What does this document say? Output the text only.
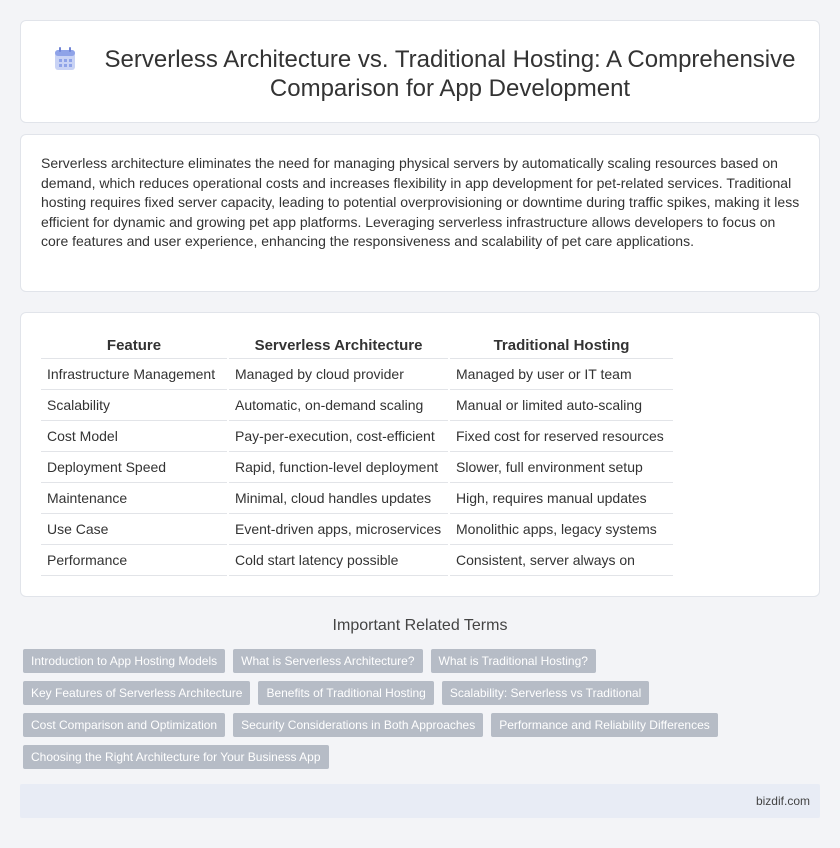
Serverless Architecture vs. Traditional Hosting: A Comprehensive Comparison for App Development

Serverless architecture eliminates the need for managing physical servers by automatically scaling resources based on demand, which reduces operational costs and increases flexibility in app development for pet-related services. Traditional hosting requires fixed server capacity, leading to potential overprovisioning or downtime during traffic spikes, making it less efficient for dynamic and growing pet app platforms. Leveraging serverless infrastructure allows developers to focus on core features and user experience, enhancing the responsiveness and scalability of pet care applications.

Feature	Serverless Architecture	Traditional Hosting
Infrastructure Management	Managed by cloud provider	Managed by user or IT team
Scalability	Automatic, on-demand scaling	Manual or limited auto-scaling
Cost Model	Pay-per-execution, cost-efficient	Fixed cost for reserved resources
Deployment Speed	Rapid, function-level deployment	Slower, full environment setup
Maintenance	Minimal, cloud handles updates	High, requires manual updates
Use Case	Event-driven apps, microservices	Monolithic apps, legacy systems
Performance	Cold start latency possible	Consistent, server always on
Important Related Terms
Introduction to App Hosting Models	What is Serverless Architecture?	What is Traditional Hosting?
Key Features of Serverless Architecture	Benefits of Traditional Hosting	Scalability: Serverless vs Traditional
Cost Comparison and Optimization	Security Considerations in Both Approaches	Performance and Reliability Differences
Choosing the Right Architecture for Your Business App
bizdif.com
